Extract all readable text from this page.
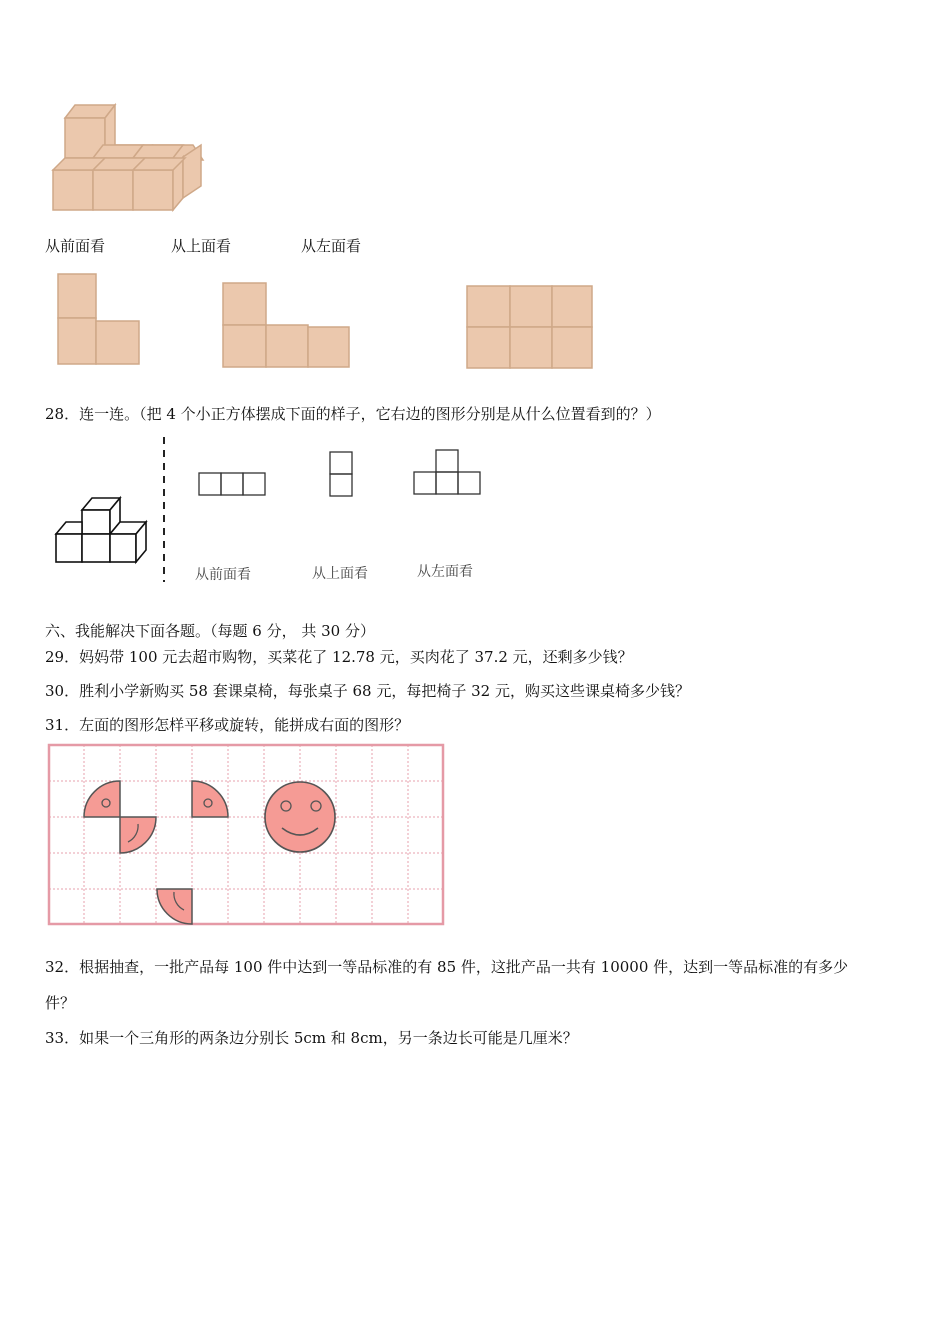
从前面看	从上面看	从左面看
28．连一连。（把 4 个小正方体摆成下面的样子，它右边的图形分别是从什么位置看到的？）
从前面看	从上面看	从左面看
六、我能解决下面各题。（每题 6 分， 共 30 分）
29．妈妈带 100 元去超市购物，买菜花了 12.78 元，买肉花了 37.2 元，还剩多少钱？
30．胜利小学新购买 58 套课桌椅，每张桌子 68 元，每把椅子 32 元，购买这些课桌椅多少钱？
31．左面的图形怎样平移或旋转，能拼成右面的图形？
32．根据抽查，一批产品每 100 件中达到一等品标准的有 85 件，这批产品一共有 10000 件，达到一等品标准的有多少
件？
33．如果一个三角形的两条边分别长 5cm 和 8cm，另一条边长可能是几厘米？
